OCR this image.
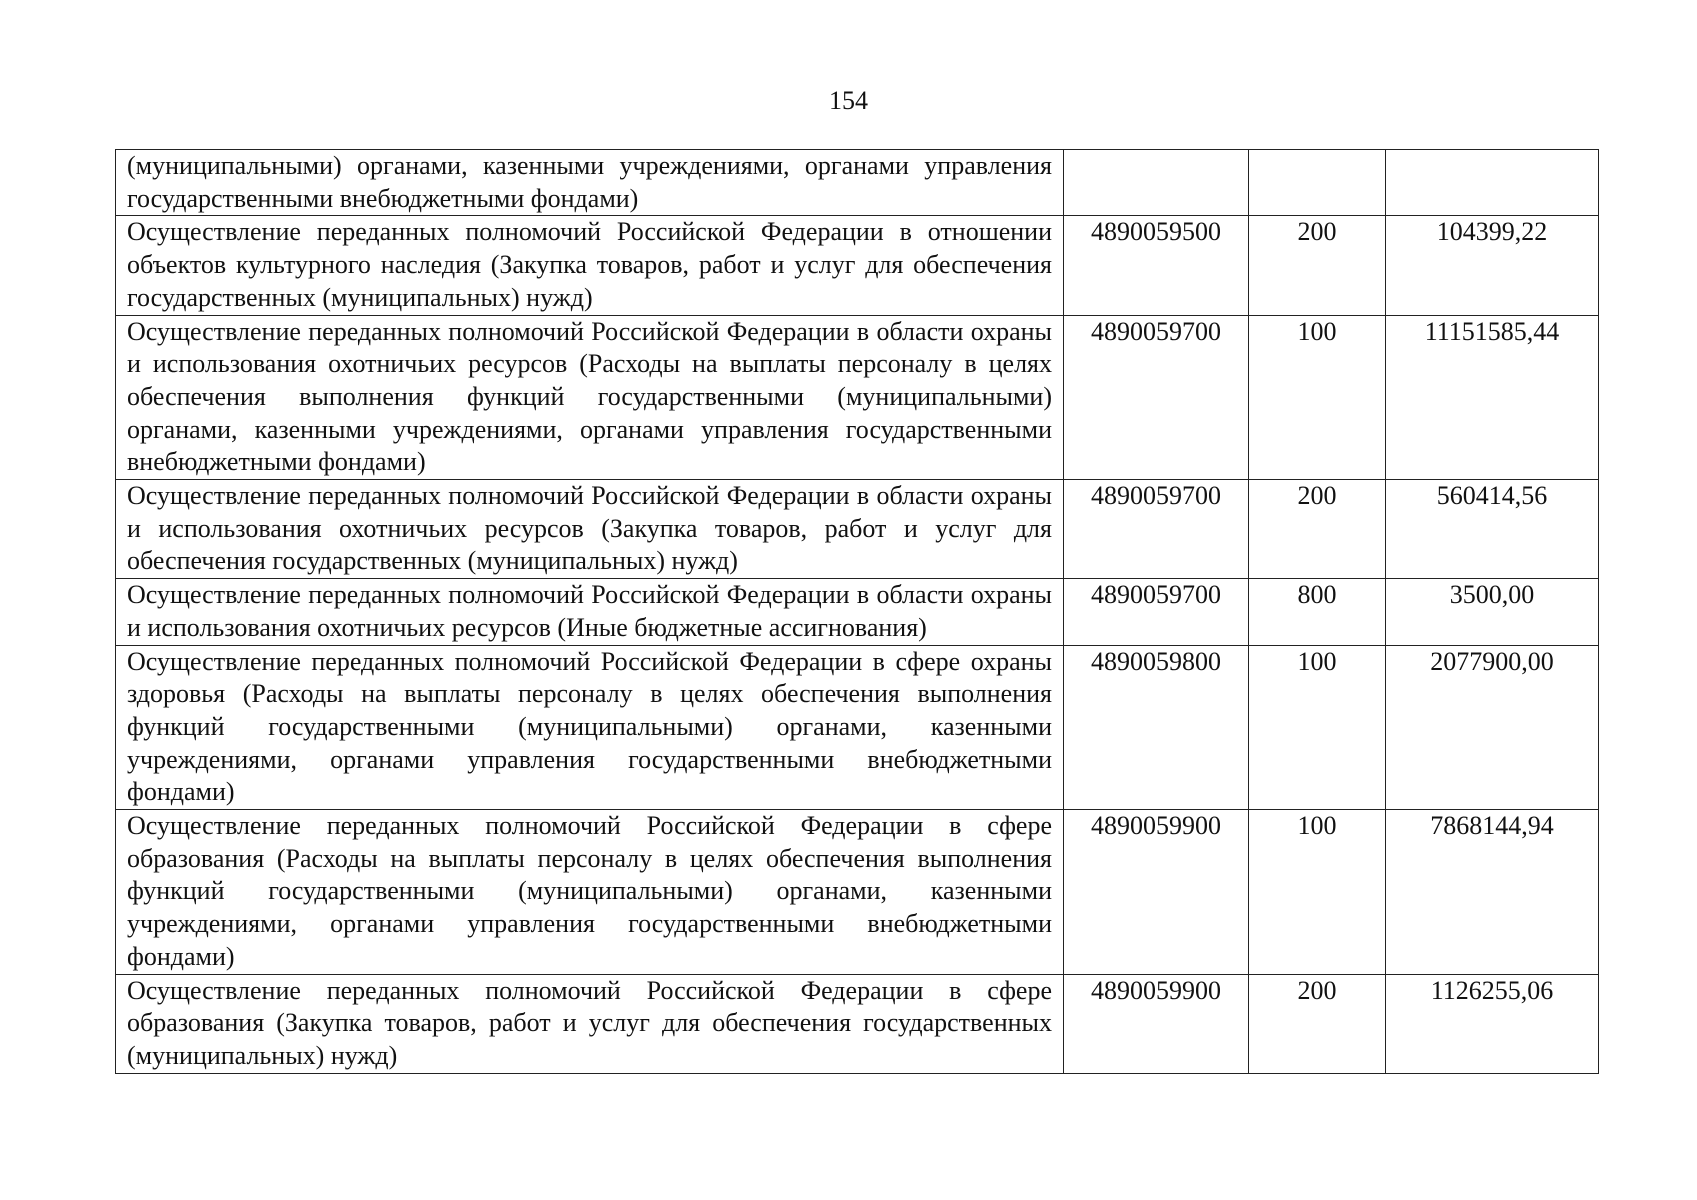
154
(муниципальными) органами, казенными учреждениями, органами управления государственными внебюджетными фондами)			
Осуществление переданных полномочий Российской Федерации в отношении объектов культурного наследия (Закупка товаров, работ и услуг для обеспечения государственных (муниципальных) нужд)	4890059500	200	104399,22
Осуществление переданных полномочий Российской Федерации в области охраны и использования охотничьих ресурсов (Расходы на выплаты персоналу в целях обеспечения выполнения функций государственными (муниципальными) органами, казенными учреждениями, органами управления государственными внебюджетными фондами)	4890059700	100	11151585,44
Осуществление переданных полномочий Российской Федерации в области охраны и использования охотничьих ресурсов (Закупка товаров, работ и услуг для обеспечения государственных (муниципальных) нужд)	4890059700	200	560414,56
Осуществление переданных полномочий Российской Федерации в области охраны и использования охотничьих ресурсов (Иные бюджетные ассигнования)	4890059700	800	3500,00
Осуществление переданных полномочий Российской Федерации в сфере охраны здоровья (Расходы на выплаты персоналу в целях обеспечения выполнения функций государственными (муниципальными) органами, казенными учреждениями, органами управления государственными внебюджетными фондами)	4890059800	100	2077900,00
Осуществление переданных полномочий Российской Федерации в сфере образования (Расходы на выплаты персоналу в целях обеспечения выполнения функций государственными (муниципальными) органами, казенными учреждениями, органами управления государственными внебюджетными фондами)	4890059900	100	7868144,94
Осуществление переданных полномочий Российской Федерации в сфере образования (Закупка товаров, работ и услуг для обеспечения государственных (муниципальных) нужд)	4890059900	200	1126255,06
